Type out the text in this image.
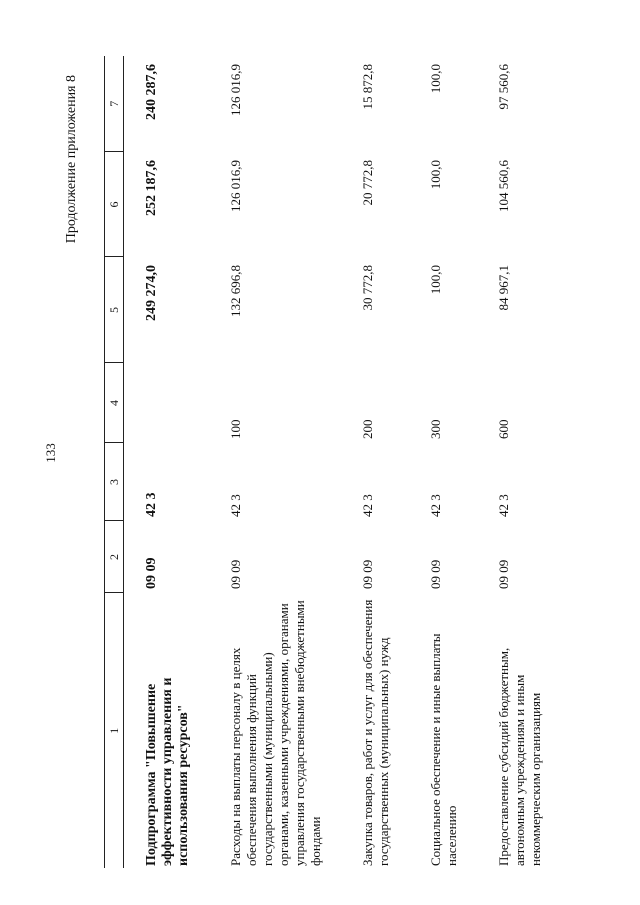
133
Продолжение приложения 8
1	2	3	4	5	6	7
Подпрограмма "Повышение эффективности управления и использования ресурсов"	09 09	42 3		249 274,0	252 187,6	240 287,6
Расходы на выплаты персоналу в целях обеспечения выполнения функций государственными (муниципальными) органами, казенными учреждениями, органами управления государственными внебюджетными фондами	09 09	42 3	100	132 696,8	126 016,9	126 016,9
Закупка товаров, работ и услуг для обеспечения государственных (муниципальных) нужд	09 09	42 3	200	30 772,8	20 772,8	15 872,8
Социальное обеспечение и иные выплаты населению	09 09	42 3	300	100,0	100,0	100,0
Предоставление субсидий бюджетным, автономным учреждениям и иным некоммерческим организациям	09 09	42 3	600	84 967,1	104 560,6	97 560,6
